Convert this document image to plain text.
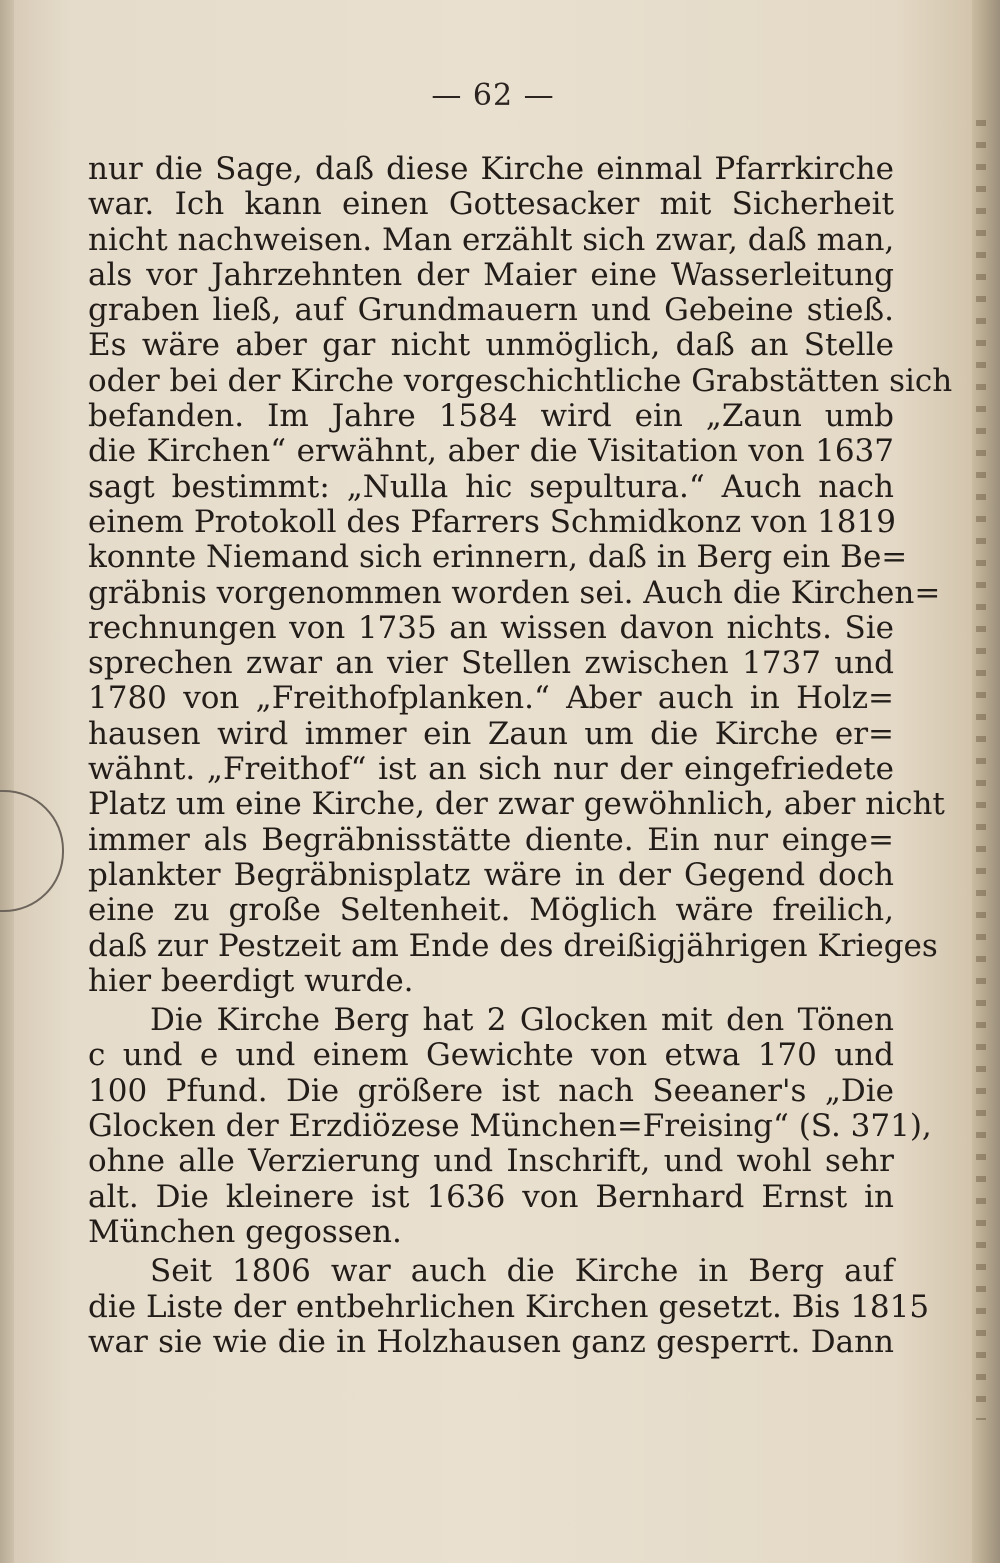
— 62 —
nur die Sage, daß diese Kirche einmal Pfarrkirche
war. Ich kann einen Gottesacker mit Sicherheit
nicht nachweisen. Man erzählt sich zwar, daß man,
als vor Jahrzehnten der Maier eine Wasserleitung
graben ließ, auf Grundmauern und Gebeine stieß.
Es wäre aber gar nicht unmöglich, daß an Stelle
oder bei der Kirche vorgeschichtliche Grabstätten sich
befanden. Im Jahre 1584 wird ein „Zaun umb
die Kirchen“ erwähnt, aber die Visitation von 1637
sagt bestimmt: „Nulla hic sepultura.“ Auch nach
einem Protokoll des Pfarrers Schmidkonz von 1819
konnte Niemand sich erinnern, daß in Berg ein Be=
gräbnis vorgenommen worden sei. Auch die Kirchen=
rechnungen von 1735 an wissen davon nichts. Sie
sprechen zwar an vier Stellen zwischen 1737 und
1780 von „Freithofplanken.“ Aber auch in Holz=
hausen wird immer ein Zaun um die Kirche er=
wähnt. „Freithof“ ist an sich nur der eingefriedete
Platz um eine Kirche, der zwar gewöhnlich, aber nicht
immer als Begräbnisstätte diente. Ein nur einge=
plankter Begräbnisplatz wäre in der Gegend doch
eine zu große Seltenheit. Möglich wäre freilich,
daß zur Pestzeit am Ende des dreißigjährigen Krieges
hier beerdigt wurde.
Die Kirche Berg hat 2 Glocken mit den Tönen
c und e und einem Gewichte von etwa 170 und
100 Pfund. Die größere ist nach Seeaner's „Die
Glocken der Erzdiözese München=Freising“ (S. 371),
ohne alle Verzierung und Inschrift, und wohl sehr
alt. Die kleinere ist 1636 von Bernhard Ernst in
München gegossen.
Seit 1806 war auch die Kirche in Berg auf
die Liste der entbehrlichen Kirchen gesetzt. Bis 1815
war sie wie die in Holzhausen ganz gesperrt. Dann
